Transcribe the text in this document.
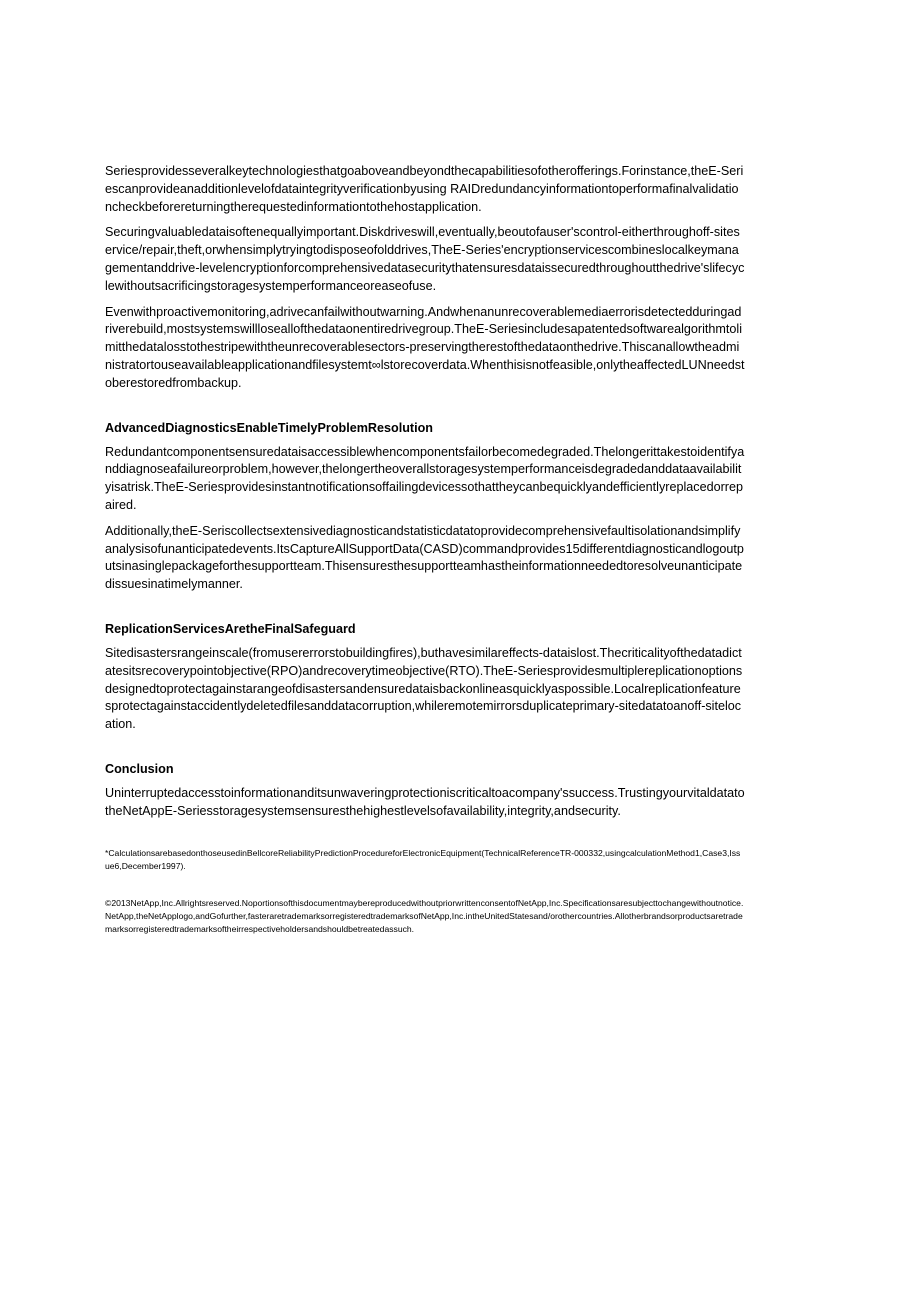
Seriesprovidesseveralkeytechnologiesthatgoaboveandbeyondthecapabilitiesofotherofferings.Forinstance,theE-Seriescanprovideanadditionlevelofdataintegrityverificationbyusing RAIDredundancyinformationtoperformafinalvalidationcheckbeforereturningtherequestedinformationtothehostapplication.

Securingvaluabledataisoftenequallyimportant.Diskdriveswill,eventually,beoutofauser'scontrol-eitherthroughoff-siteservice/repair,theft,orwhensimplytryingtodisposeofolddrives,TheE-Series'encryptionservicescombineslocalkeymanagementanddrive-levelencryptionforcomprehensivedatasecuritythatensuresdataissecuredthroughoutthedrive'slifecyclewithoutsacrificingstoragesystemperformanceoreaseofuse.

Evenwithproactivemonitoring,adrivecanfailwithoutwarning.Andwhenanunrecoverablemediaerrorisdetectedduringadriverebuild,mostsystemswillloseallofthedataonentiredrivegroup.TheE-Seriesincludesapatentedsoftwarealgorithmtolimitthedatalosstothestripewiththeunrecoverablesectors-preservingtherestofthedataonthedrive.Thiscanallowtheadministratortouseavailableapplicationandfilesystemt∞lstorecoverdata.Whenthisisnotfeasible,onlytheaffectedLUNneedstoberestoredfrombackup.

AdvancedDiagnosticsEnableTimelyProblemResolution

Redundantcomponentsensuredataisaccessiblewhencomponentsfailorbecomedegraded.Thelongerittakestoidentifyanddiagnoseafailureorproblem,however,thelongertheoverallstoragesystemperformanceisdegradedanddataavailabilityisatrisk.TheE-Seriesprovidesinstantnotificationsoffailingdevicessothattheycanbequicklyandefficientlyreplacedorrepaired.

Additionally,theE-Seriscollectsextensivediagnosticandstatisticdatatoprovidecomprehensivefaultisolationandsimplifyanalysisofunanticipatedevents.ItsCaptureAllSupportData(CASD)commandprovides15differentdiagnosticandlogoutputsinasinglepackageforthesupportteam.Thisensuresthesupportteamhastheinformationneededtoresolveunanticipatedissuesinatimelymanner.

ReplicationServicesAretheFinalSafeguard

Sitedisastersrangeinscale(fromusererrorstobuildingfires),buthavesimilareffects-dataislost.Thecriticalityofthedatadictatesitsrecoverypointobjective(RPO)andrecoverytimeobjective(RTO).TheE-Seriesprovidesmultiplereplicationoptionsdesignedtoprotectagainstarangeofdisastersandensuredataisbackonlineasquicklyaspossible.Localreplicationfeaturesprotectagainstaccidentlydeletedfilesanddatacorruption,whileremotemirrorsduplicateprimary-sitedatatoanoff-sitelocation.

Conclusion

Uninterruptedaccesstoinformationanditsunwaveringprotectioniscriticaltoacompany'ssuccess.TrustingyourvitaldatatotheNetAppE-Seriesstoragesystemsensuresthehighestlevelsofavailability,integrity,andsecurity.

*CalculationsarebasedonthoseusedinBellcoreReliabilityPredictionProcedureforElectronicEquipment(TechnicalReferenceTR-000332,usingcalculationMethod1,Case3,Issue6,December1997).

©2013NetApp,Inc.Allrightsreserved.NoportionsofthisdocumentmaybereproducedwithoutpriorwrittenconsentofNetApp,Inc.Specificationsaresubjecttochangewithoutnotice.NetApp,theNetApplogo,andGofurther,fasteraretrademarksorregisteredtrademarksofNetApp,Inc.intheUnitedStatesand/orothercountries.Allotherbrandsorproductsaretrademarksorregisteredtrademarksoftheirrespectiveholdersandshouldbetreatedassuch.
